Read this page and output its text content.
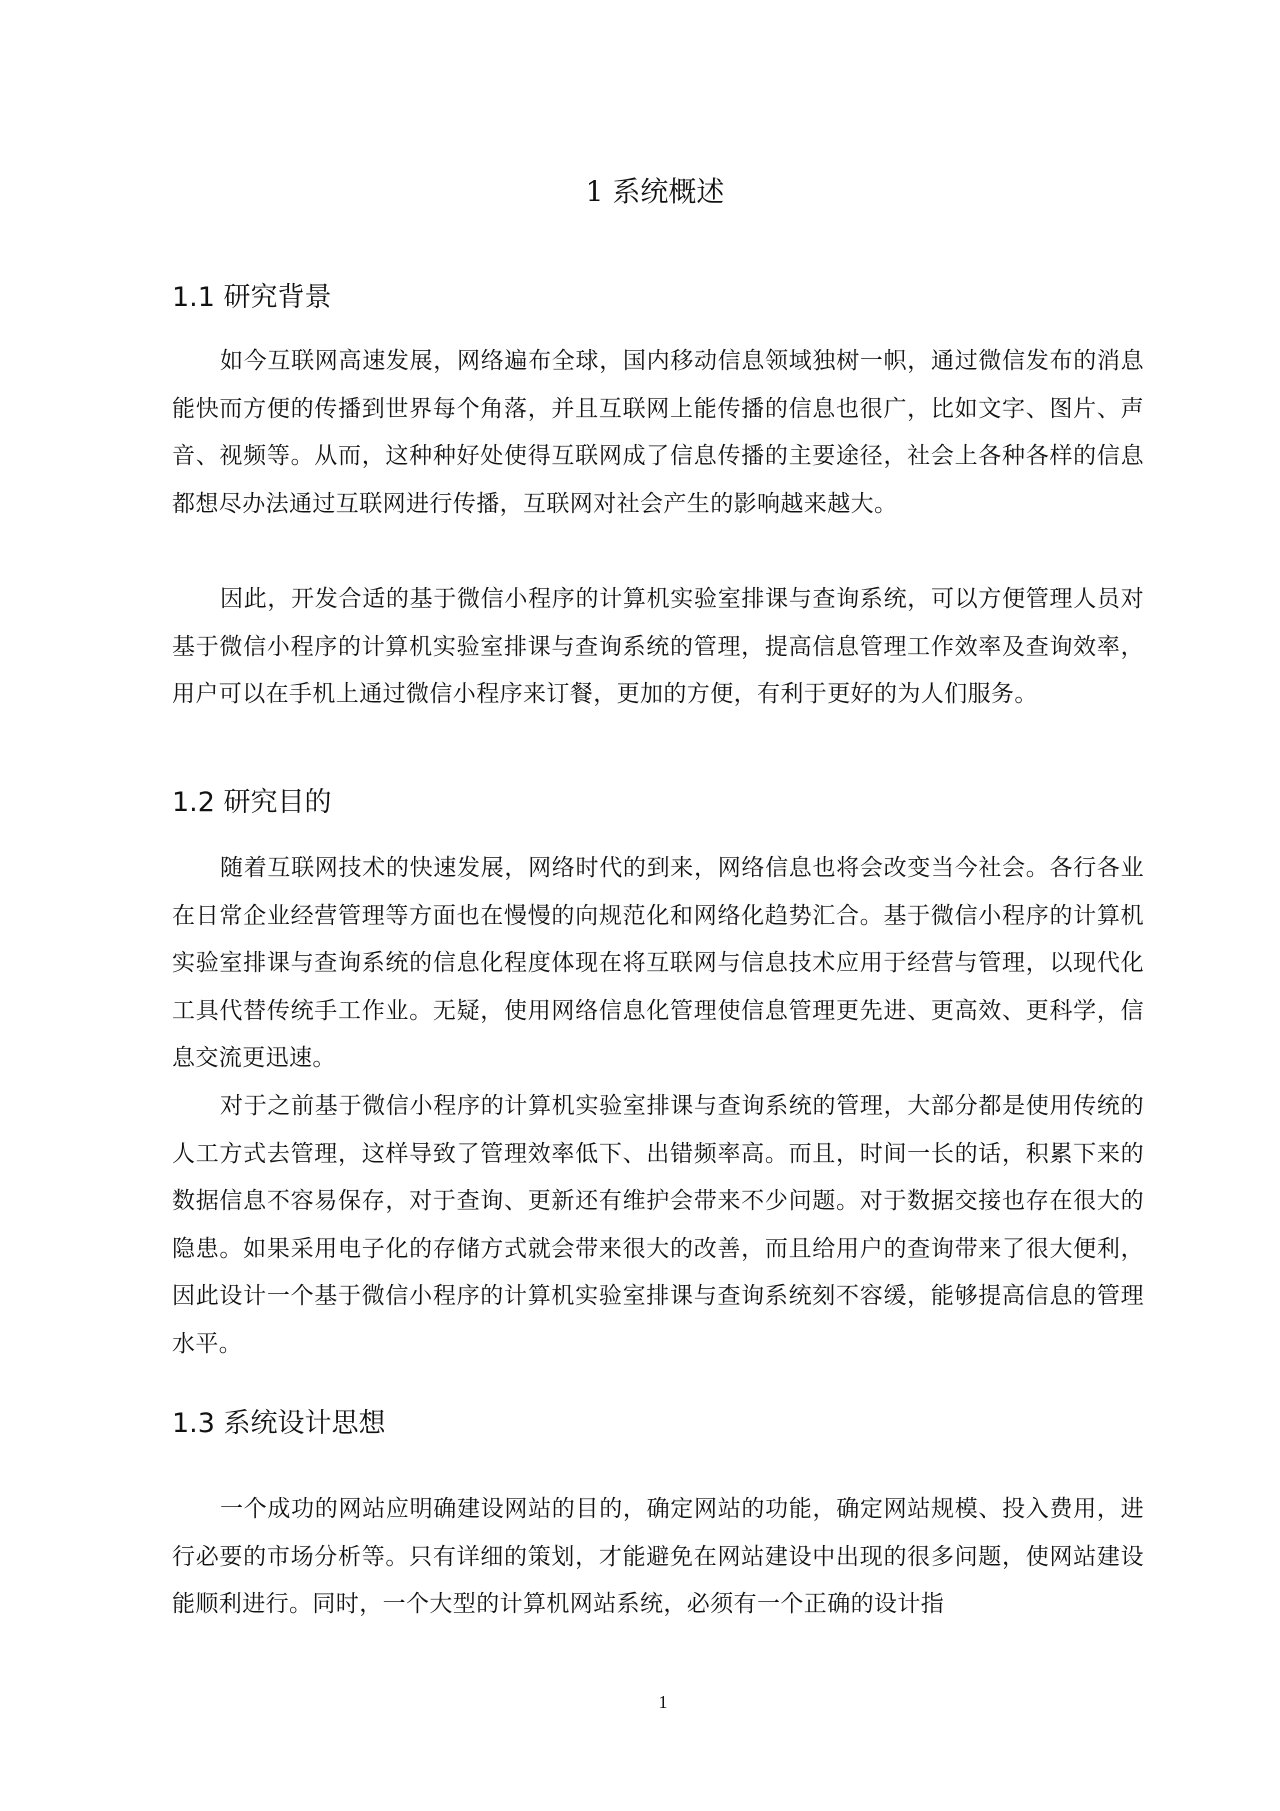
1 系统概述
1.1 研究背景

如今互联网高速发展，网络遍布全球，国内移动信息领域独树一帜，通过微信发布的消息能快而方便的传播到世界每个角落，并且互联网上能传播的信息也很广，比如文字、图片、声音、视频等。从而，这种种好处使得互联网成了信息传播的主要途径，社会上各种各样的信息都想尽办法通过互联网进行传播，互联网对社会产生的影响越来越大。

因此，开发合适的基于微信小程序的计算机实验室排课与查询系统，可以方便管理人员对基于微信小程序的计算机实验室排课与查询系统的管理，提高信息管理工作效率及查询效率，用户可以在手机上通过微信小程序来订餐，更加的方便，有利于更好的为人们服务。

1.2 研究目的

随着互联网技术的快速发展，网络时代的到来，网络信息也将会改变当今社会。各行各业在日常企业经营管理等方面也在慢慢的向规范化和网络化趋势汇合。基于微信小程序的计算机实验室排课与查询系统的信息化程度体现在将互联网与信息技术应用于经营与管理，以现代化工具代替传统手工作业。无疑，使用网络信息化管理使信息管理更先进、更高效、更科学，信息交流更迅速。

对于之前基于微信小程序的计算机实验室排课与查询系统的管理，大部分都是使用传统的人工方式去管理，这样导致了管理效率低下、出错频率高。而且，时间一长的话，积累下来的数据信息不容易保存，对于查询、更新还有维护会带来不少问题。对于数据交接也存在很大的隐患。如果采用电子化的存储方式就会带来很大的改善，而且给用户的查询带来了很大便利，因此设计一个基于微信小程序的计算机实验室排课与查询系统刻不容缓，能够提高信息的管理水平。

1.3 系统设计思想

一个成功的网站应明确建设网站的目的，确定网站的功能，确定网站规模、投入费用，进行必要的市场分析等。只有详细的策划，才能避免在网站建设中出现的很多问题，使网站建设能顺利进行。同时，一个大型的计算机网站系统，必须有一个正确的设计指

1
